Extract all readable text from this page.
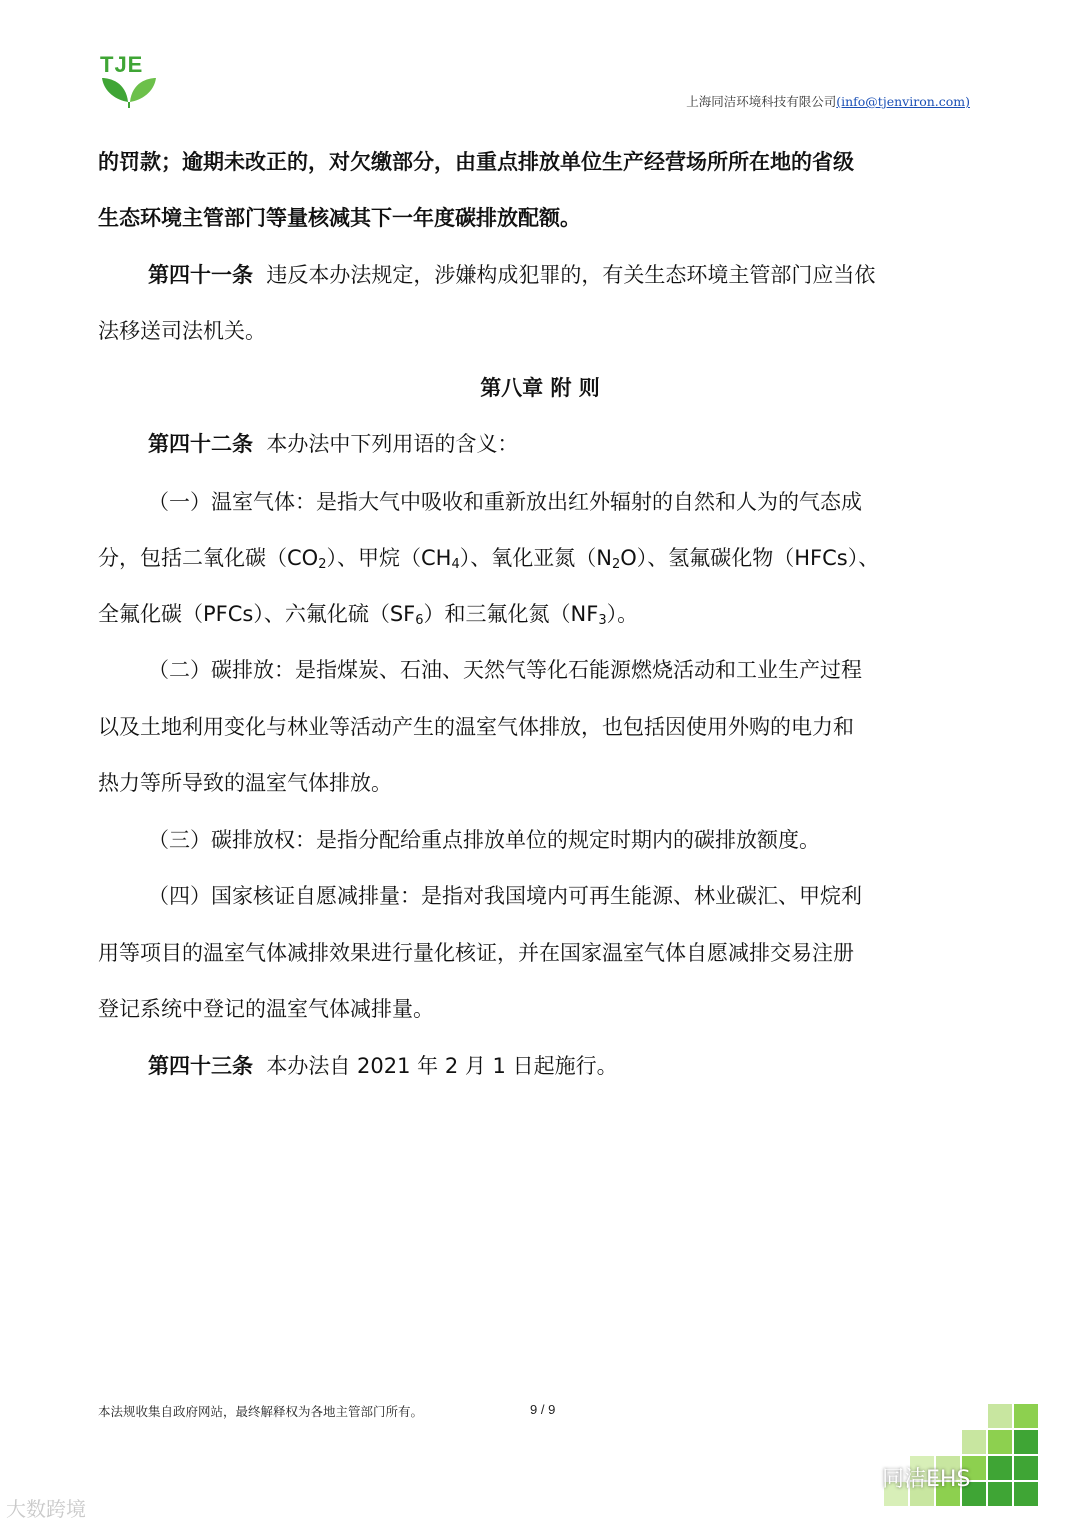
TJE
上海同洁环境科技有限公司(info@tjenviron.com)
的罚款；逾期未改正的，对欠缴部分，由重点排放单位生产经营场所所在地的省级
生态环境主管部门等量核减其下一年度碳排放配额。
第四十一条 违反本办法规定，涉嫌构成犯罪的，有关生态环境主管部门应当依
法移送司法机关。
第八章 附 则
第四十二条 本办法中下列用语的含义：
（一）温室气体：是指大气中吸收和重新放出红外辐射的自然和人为的气态成
分，包括二氧化碳$(CO_2)$、甲烷$(CH_4)$、氧化亚氮$(N_2O)$、氢氟碳化物（HFCs）、
全氟化碳（PFCs）、六氟化硫$(SF_6)$和三氟化氮$(NF_3)$。
（二）碳排放：是指煤炭、石油、天然气等化石能源燃烧活动和工业生产过程
以及土地利用变化与林业等活动产生的温室气体排放，也包括因使用外购的电力和
热力等所导致的温室气体排放。
（三）碳排放权：是指分配给重点排放单位的规定时期内的碳排放额度。
（四）国家核证自愿减排量：是指对我国境内可再生能源、林业碳汇、甲烷利
用等项目的温室气体减排效果进行量化核证，并在国家温室气体自愿减排交易注册
登记系统中登记的温室气体减排量。
第四十三条 本办法自 2021 年 2 月 1 日起施行。
本法规收集自政府网站，最终解释权为各地主管部门所有。	9 / 9
大数跨境
同洁EHS
